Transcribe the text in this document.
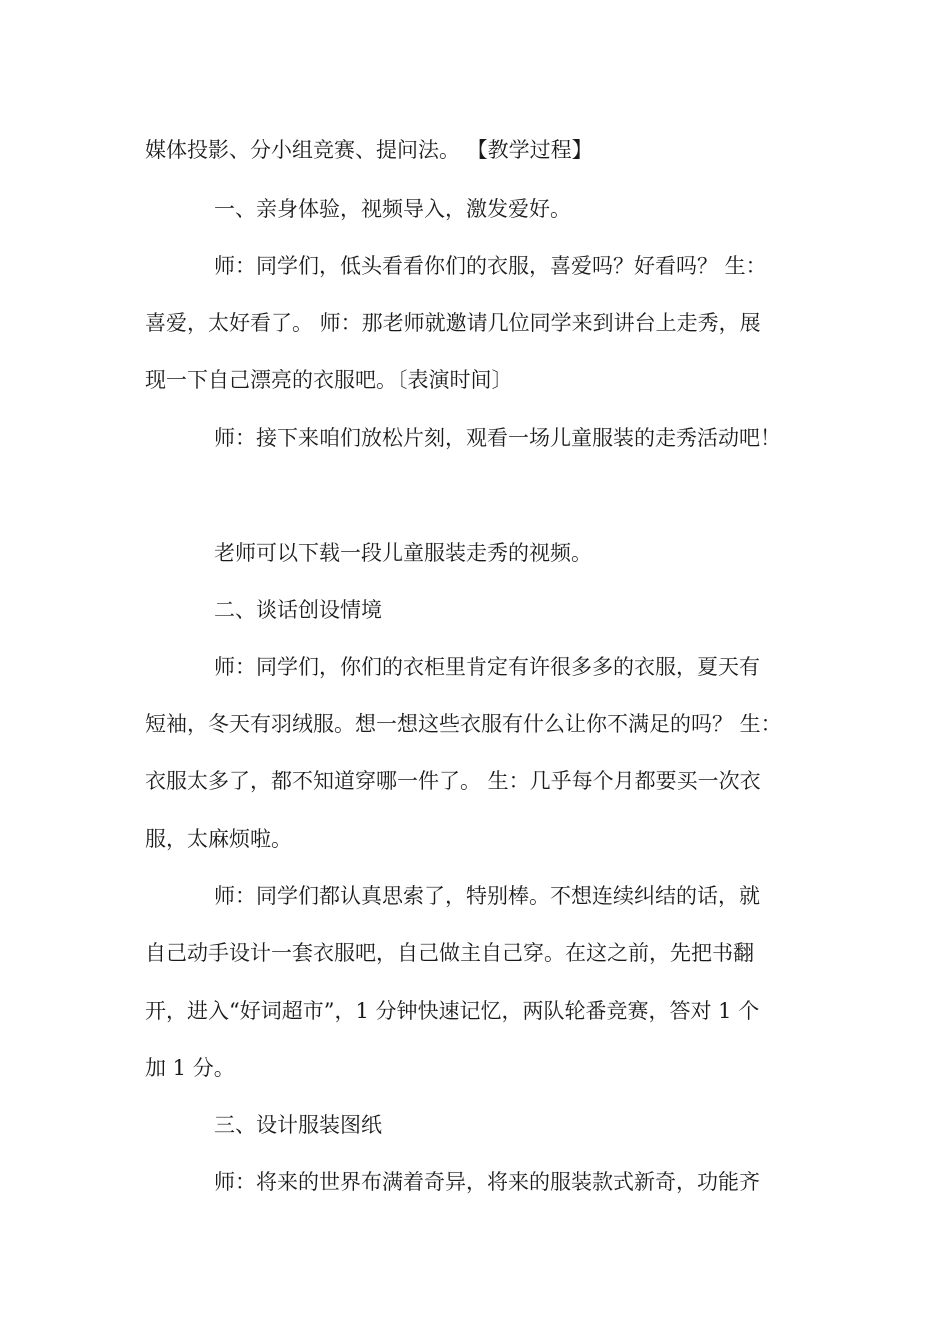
媒体投影、分小组竞赛、提问法。 【教学过程】
一、亲身体验，视频导入，激发爱好。
师：同学们，低头看看你们的衣服，喜爱吗？好看吗？ 生：
喜爱，太好看了。 师：那老师就邀请几位同学来到讲台上走秀，展
现一下自己漂亮的衣服吧。〔表演时间〕
师：接下来咱们放松片刻，观看一场儿童服装的走秀活动吧！
老师可以下载一段儿童服装走秀的视频。
二、谈话创设情境
师：同学们，你们的衣柜里肯定有许很多多的衣服，夏天有
短袖，冬天有羽绒服。想一想这些衣服有什么让你不满足的吗？ 生：
衣服太多了，都不知道穿哪一件了。 生：几乎每个月都要买一次衣
服，太麻烦啦。
师：同学们都认真思索了，特别棒。不想连续纠结的话，就
自己动手设计一套衣服吧，自己做主自己穿。在这之前，先把书翻
开，进入“好词超市”，1 分钟快速记忆，两队轮番竞赛，答对 1 个
加 1 分。
三、设计服装图纸
师：将来的世界布满着奇异，将来的服装款式新奇，功能齐
